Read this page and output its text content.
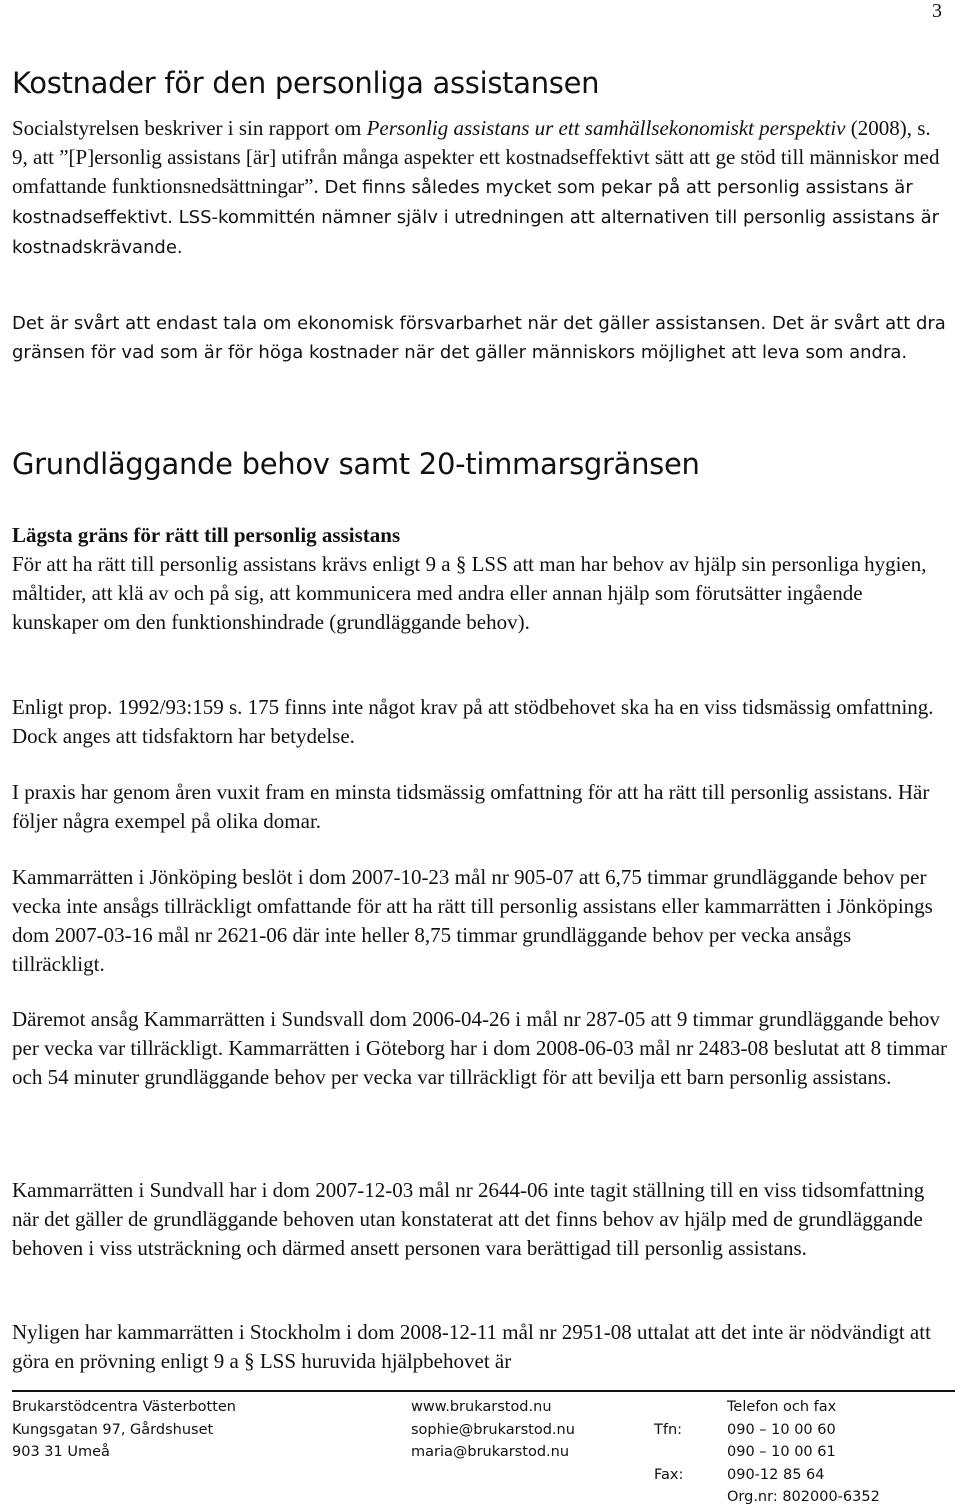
3
Kostnader för den personliga assistansen

Socialstyrelsen beskriver i sin rapport om Personlig assistans ur ett samhällsekonomiskt perspektiv (2008), s. 9, att ”[P]ersonlig assistans [är] utifrån många aspekter ett kostnadseffektivt sätt att ge stöd till människor med omfattande funktionsnedsättningar”. Det finns således mycket som pekar på att personlig assistans är kostnadseffektivt. LSS-kommittén nämner själv i utredningen att alternativen till personlig assistans är kostnadskrävande.

Det är svårt att endast tala om ekonomisk försvarbarhet när det gäller assistansen. Det är svårt att dra gränsen för vad som är för höga kostnader när det gäller människors möjlighet att leva som andra.

Grundläggande behov samt 20-timmarsgränsen

Lägsta gräns för rätt till personlig assistans
För att ha rätt till personlig assistans krävs enligt 9 a § LSS att man har behov av hjälp sin personliga hygien, måltider, att klä av och på sig, att kommunicera med andra eller annan hjälp som förutsätter ingående kunskaper om den funktionshindrade (grundläggande behov).

Enligt prop. 1992/93:159 s. 175 finns inte något krav på att stödbehovet ska ha en viss tidsmässig omfattning. Dock anges att tidsfaktorn har betydelse.

I praxis har genom åren vuxit fram en minsta tidsmässig omfattning för att ha rätt till personlig assistans. Här följer några exempel på olika domar.

Kammarrätten i Jönköping beslöt i dom 2007-10-23 mål nr 905-07 att 6,75 timmar grundläggande behov per vecka inte ansågs tillräckligt omfattande för att ha rätt till personlig assistans eller kammarrätten i Jönköpings dom 2007-03-16 mål nr 2621-06 där inte heller 8,75 timmar grundläggande behov per vecka ansågs tillräckligt.

Däremot ansåg Kammarrätten i Sundsvall dom 2006-04-26 i mål nr 287-05 att 9 timmar grundläggande behov per vecka var tillräckligt. Kammarrätten i Göteborg har i dom 2008-06-03 mål nr 2483-08 beslutat att 8 timmar och 54 minuter grundläggande behov per vecka var tillräckligt för att bevilja ett barn personlig assistans.

Kammarrätten i Sundvall har i dom 2007-12-03 mål nr 2644-06 inte tagit ställning till en viss tidsomfattning när det gäller de grundläggande behoven utan konstaterat att det finns behov av hjälp med de grundläggande behoven i viss utsträckning och därmed ansett personen vara berättigad till personlig assistans.

Nyligen har kammarrätten i Stockholm i dom 2008-12-11 mål nr 2951-08 uttalat att det inte är nödvändigt att göra en prövning enligt 9 a § LSS huruvida hjälpbehovet är

Brukarstödcentra Västerbotten
Kungsgatan 97, Gårdshuset
903 31 Umeå
www.brukarstod.nu
sophie@brukarstod.nu
maria@brukarstod.nu

Tfn:

Fax:
Telefon och fax
090 – 10 00 60
090 – 10 00 61
090-12 85 64
Org.nr: 802000-6352
